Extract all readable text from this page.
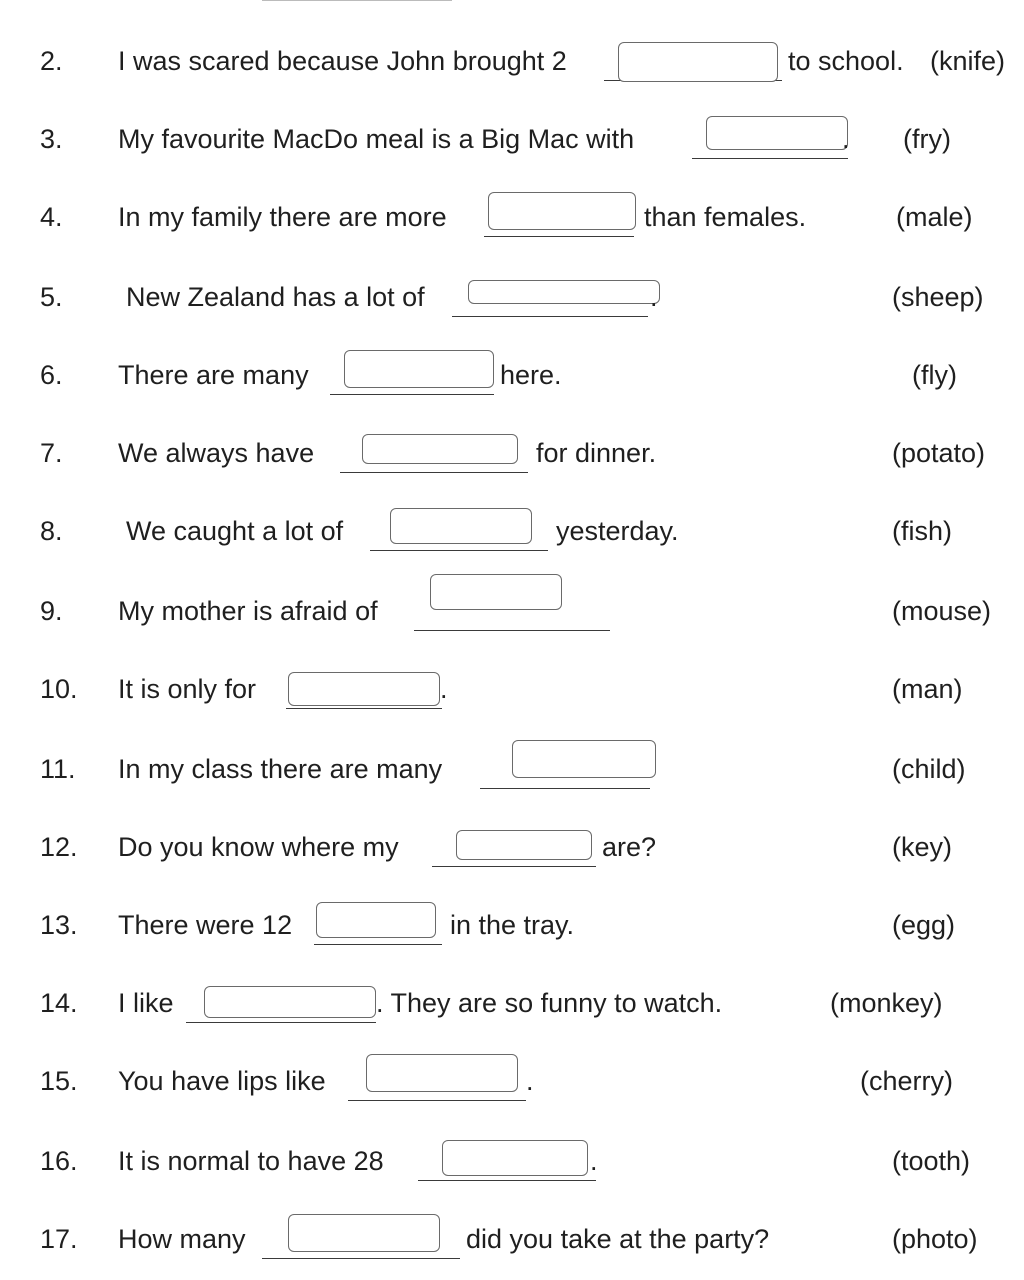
2. I was scared because John brought 2	to school. (knife)
3. My favourite MacDo meal is a Big Mac with	. (fry)
4. In my family there are more	than females.	(male)
5. New Zealand has a lot of	.	(sheep)
6. There are many	here.	(fly)
7. We always have	for dinner.	(potato)
8. We caught a lot of	yesterday.	(fish)
9. My mother is afraid of	(mouse)
10. It is only for	.	(man)
11. In my class there are many	(child)
12. Do you know where my	are?	(key)
13. There were 12	in the tray.	(egg)
14. I like	. They are so funny to watch.	(monkey)
15. You have lips like	.	(cherry)
16. It is normal to have 28	.	(tooth)
17. How many	did you take at the party?	(photo)
